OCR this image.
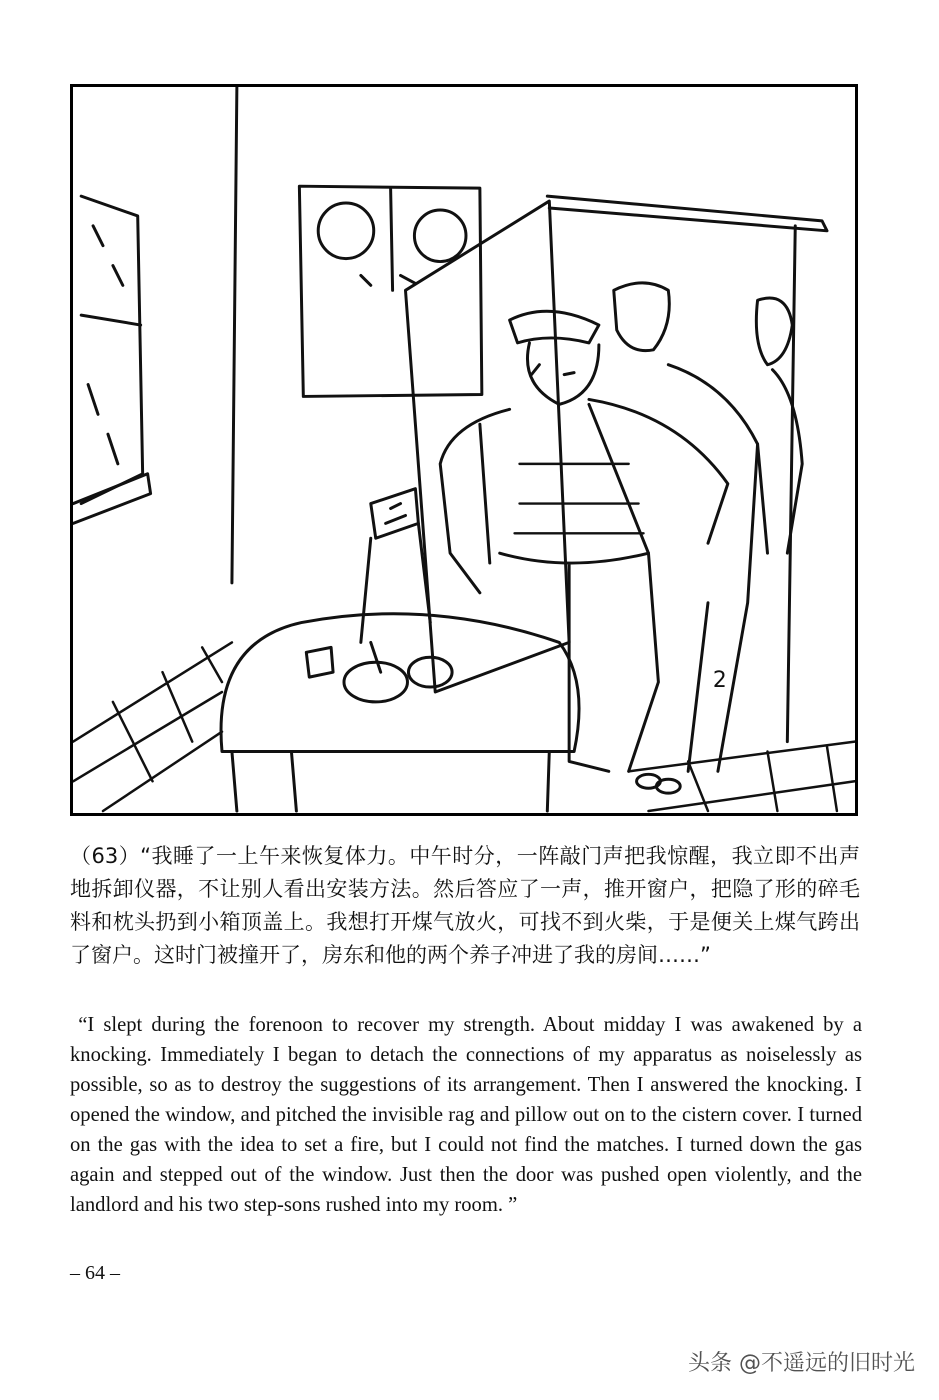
2

（63）“我睡了一上午来恢复体力。中午时分，一阵敲门声把我惊醒，我立即不出声地拆卸仪器，不让别人看出安装方法。然后答应了一声，推开窗户，把隐了形的碎毛料和枕头扔到小箱顶盖上。我想打开煤气放火，可找不到火柴，于是便关上煤气跨出了窗户。这时门被撞开了，房东和他的两个养子冲进了我的房间……”

“I slept during the forenoon to recover my strength. About midday I was awakened by a knocking. Immediately I began to detach the connections of my apparatus as noiselessly as possible, so as to destroy the suggestions of its arrangement. Then I answered the knocking. I opened the window, and pitched the invisible rag and pillow out on to the cistern cover. I turned on the gas with the idea to set a fire, but I could not find the matches. I turned down the gas again and stepped out of the window. Just then the door was pushed open violently, and the landlord and his two step-sons rushed into my room. ”

– 64 –
头条 @不遥远的旧时光
